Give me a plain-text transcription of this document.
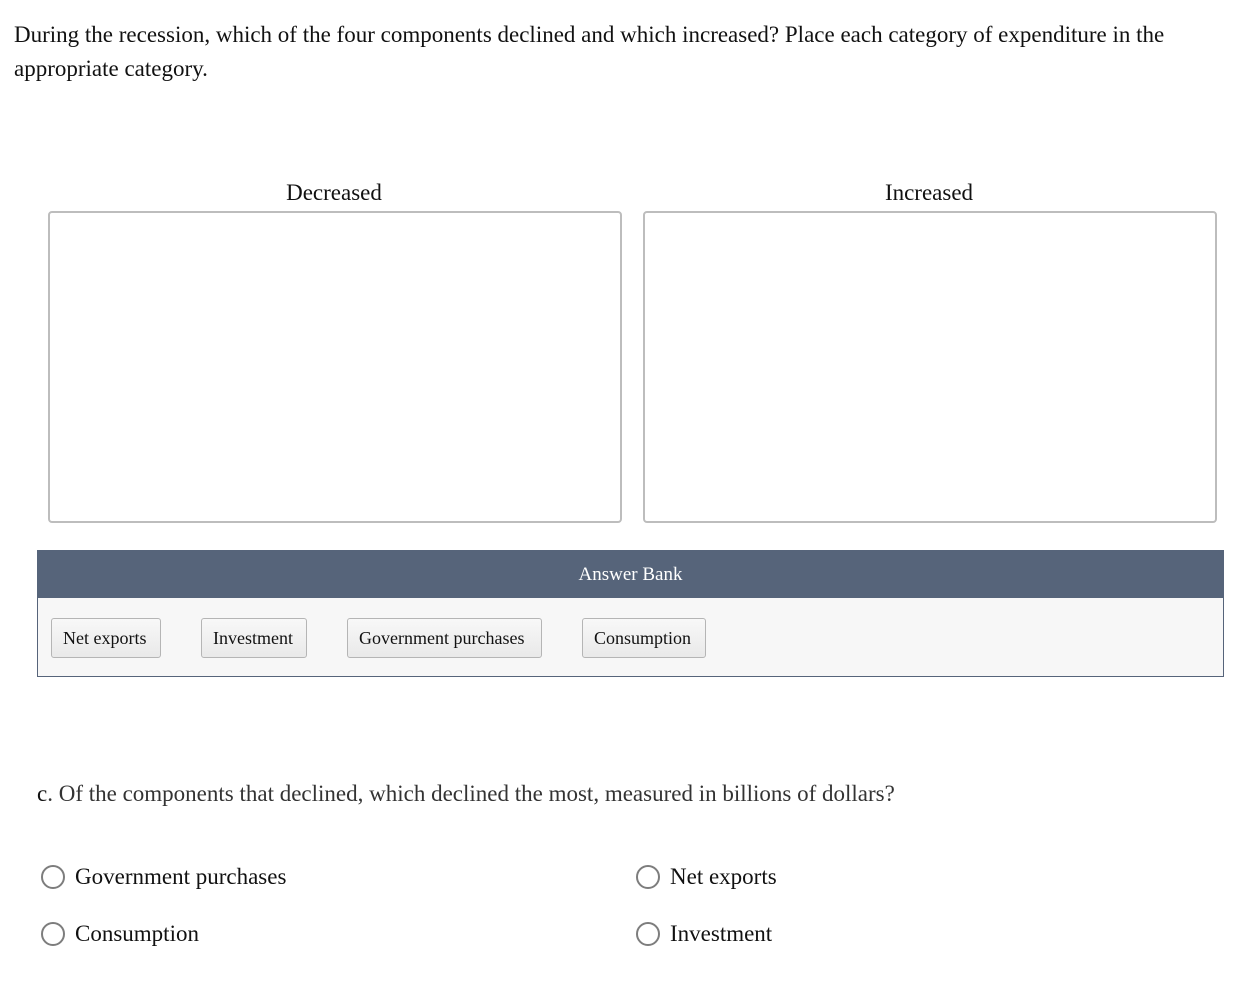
During the recession, which of the four components declined and which increased? Place each category of expenditure in the appropriate category.

Decreased	Increased
Answer Bank
Net exports	Investment	Government purchases	Consumption

c. Of the components that declined, which declined the most, measured in billions of dollars?

Government purchases
Consumption
Net exports
Investment
